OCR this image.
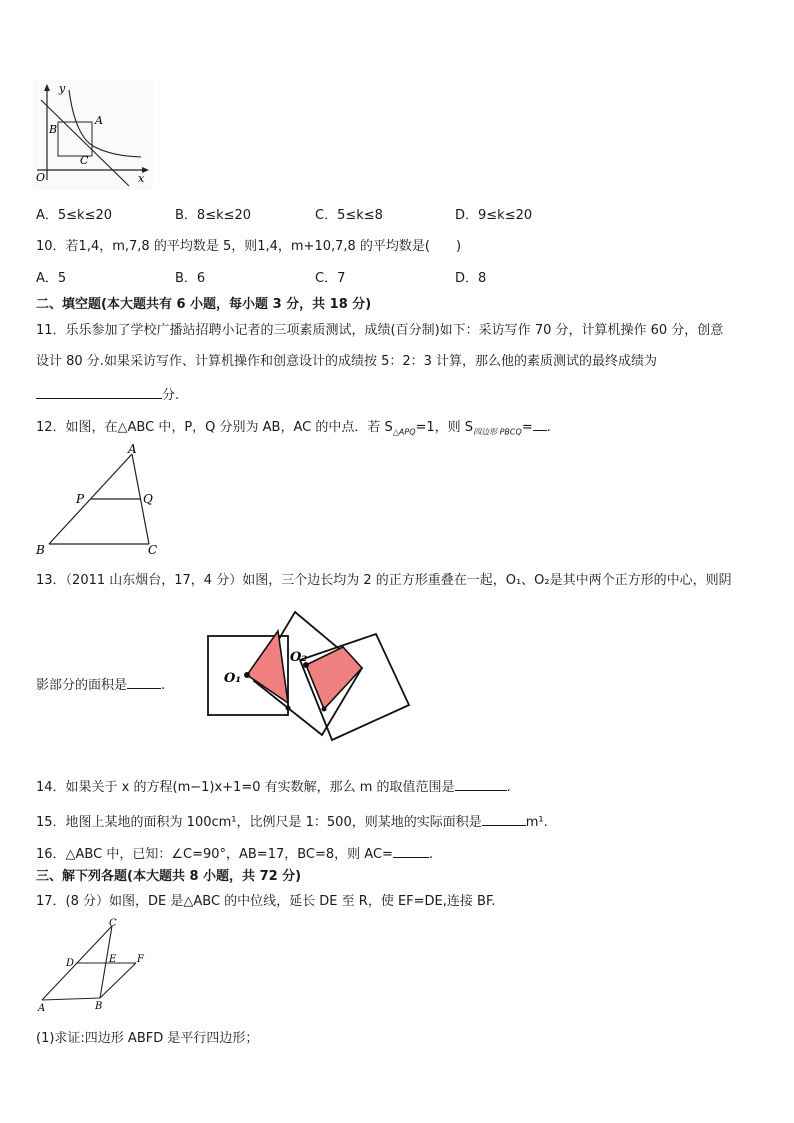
y
A
B
C
O	x
A．5≤k≤20	B．8≤k≤20	C．5≤k≤8	D．9≤k≤20
10．若1,4，m,7,8 的平均数是 5，则1,4，m+10,7,8 的平均数是(　　)
A．5	B．6	C．7	D．8
二、填空题(本大题共有 6 小题，每小题 3 分，共 18 分)
11．乐乐参加了学校广播站招聘小记者的三项素质测试，成绩(百分制)如下：采访写作 70 分，计算机操作 60 分，创意
设计 80 分.如果采访写作、计算机操作和创意设计的成绩按 5：2：3 计算，那么他的素质测试的最终成绩为
分.
12．如图，在△ABC 中，P，Q 分别为 AB，AC 的中点．若 $S_{\triangle APQ}=1$，则 $S_{四边形 PBCQ}=$ .
A
P	Q
B	C
13．（2011 山东烟台，17，4 分）如图，三个边长均为 2 的正方形重叠在一起，O₁、O₂是其中两个正方形的中心，则阴
影部分的面积是	.	O₁
O₂
14．如果关于 x 的方程(m−1)x+1=0 有实数解，那么 m 的取值范围是	.
15．地图上某地的面积为 100cm¹，比例尺是 1：500，则某地的实际面积是	m¹.
16．△ABC 中，已知：∠C=90°，AB=17，BC=8，则 AC=	.
三、解下列各题(本大题共 8 小题，共 72 分)
17．(8 分）如图，DE 是△ABC 的中位线，延长 DE 至 R，使 EF=DE,连接 BF.
C
D	E F
A	B
(1)求证:四边形 ABFD 是平行四边形；
